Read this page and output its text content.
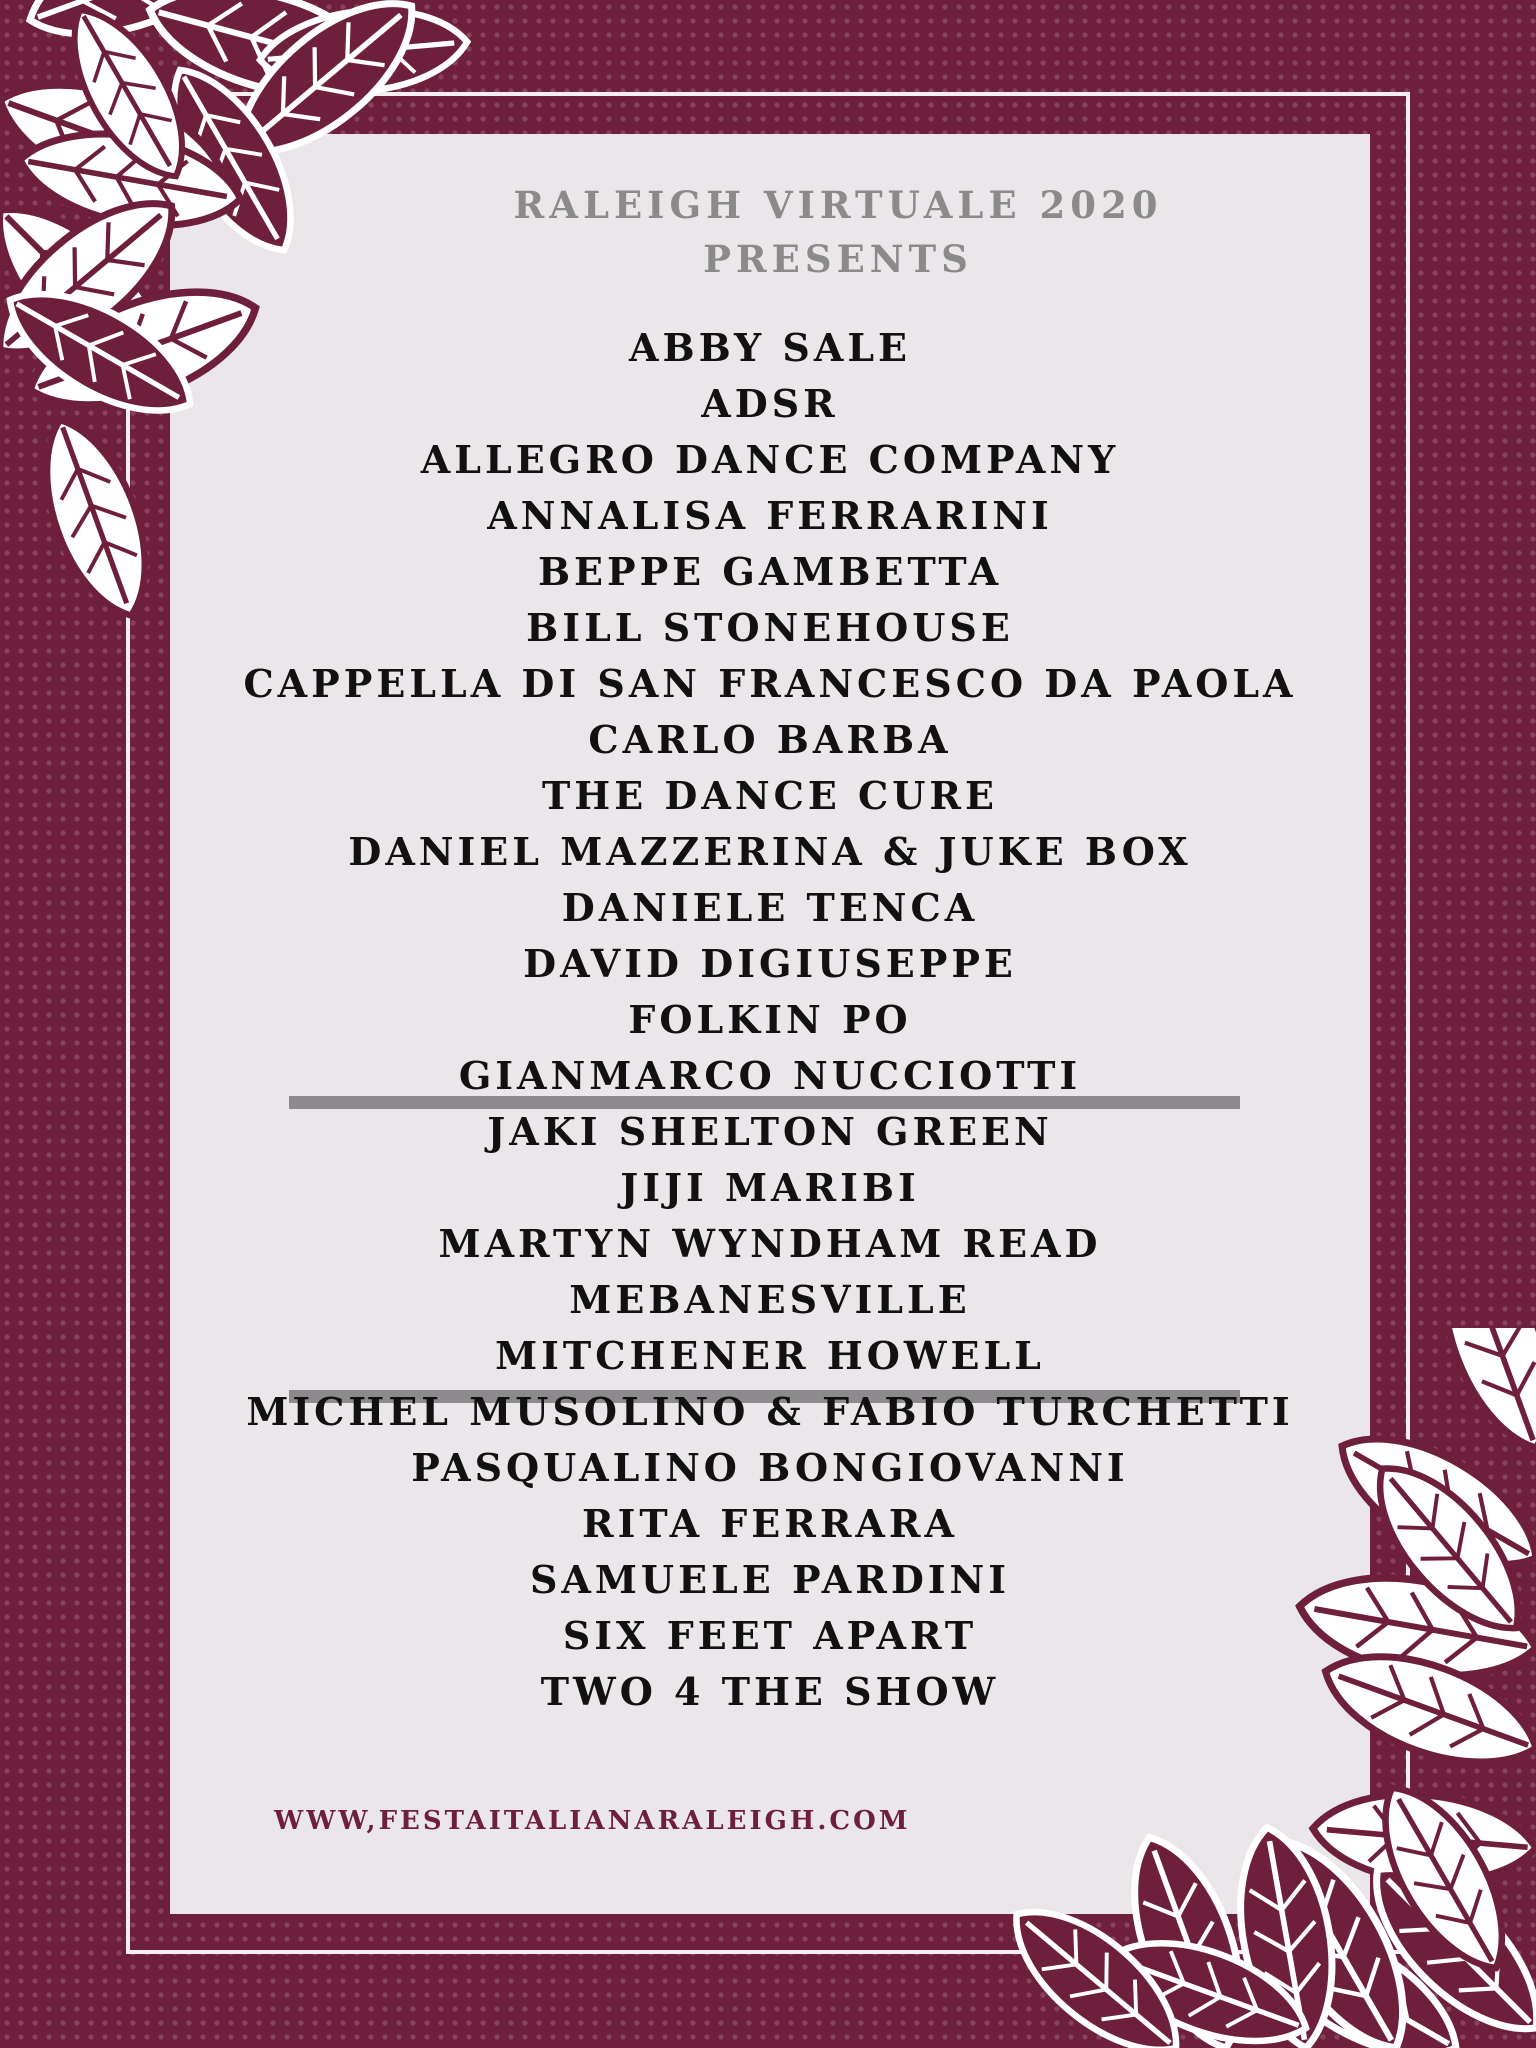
RALEIGH VIRTUALE 2020
PRESENTS
ABBY SALE
ADSR
ALLEGRO DANCE COMPANY
ANNALISA FERRARINI
BEPPE GAMBETTA
BILL STONEHOUSE
CAPPELLA DI SAN FRANCESCO DA PAOLA
CARLO BARBA
THE DANCE CURE
DANIEL MAZZERINA & JUKE BOX
DANIELE TENCA
DAVID DIGIUSEPPE
FOLKIN PO
GIANMARCO NUCCIOTTI
JAKI SHELTON GREEN
JIJI MARIBI
MARTYN WYNDHAM READ
MEBANESVILLE
MITCHENER HOWELL
MICHEL MUSOLINO & FABIO TURCHETTI
PASQUALINO BONGIOVANNI
RITA FERRARA
SAMUELE PARDINI
SIX FEET APART
TWO 4 THE SHOW
WWW,FESTAITALIANARALEIGH.COM
